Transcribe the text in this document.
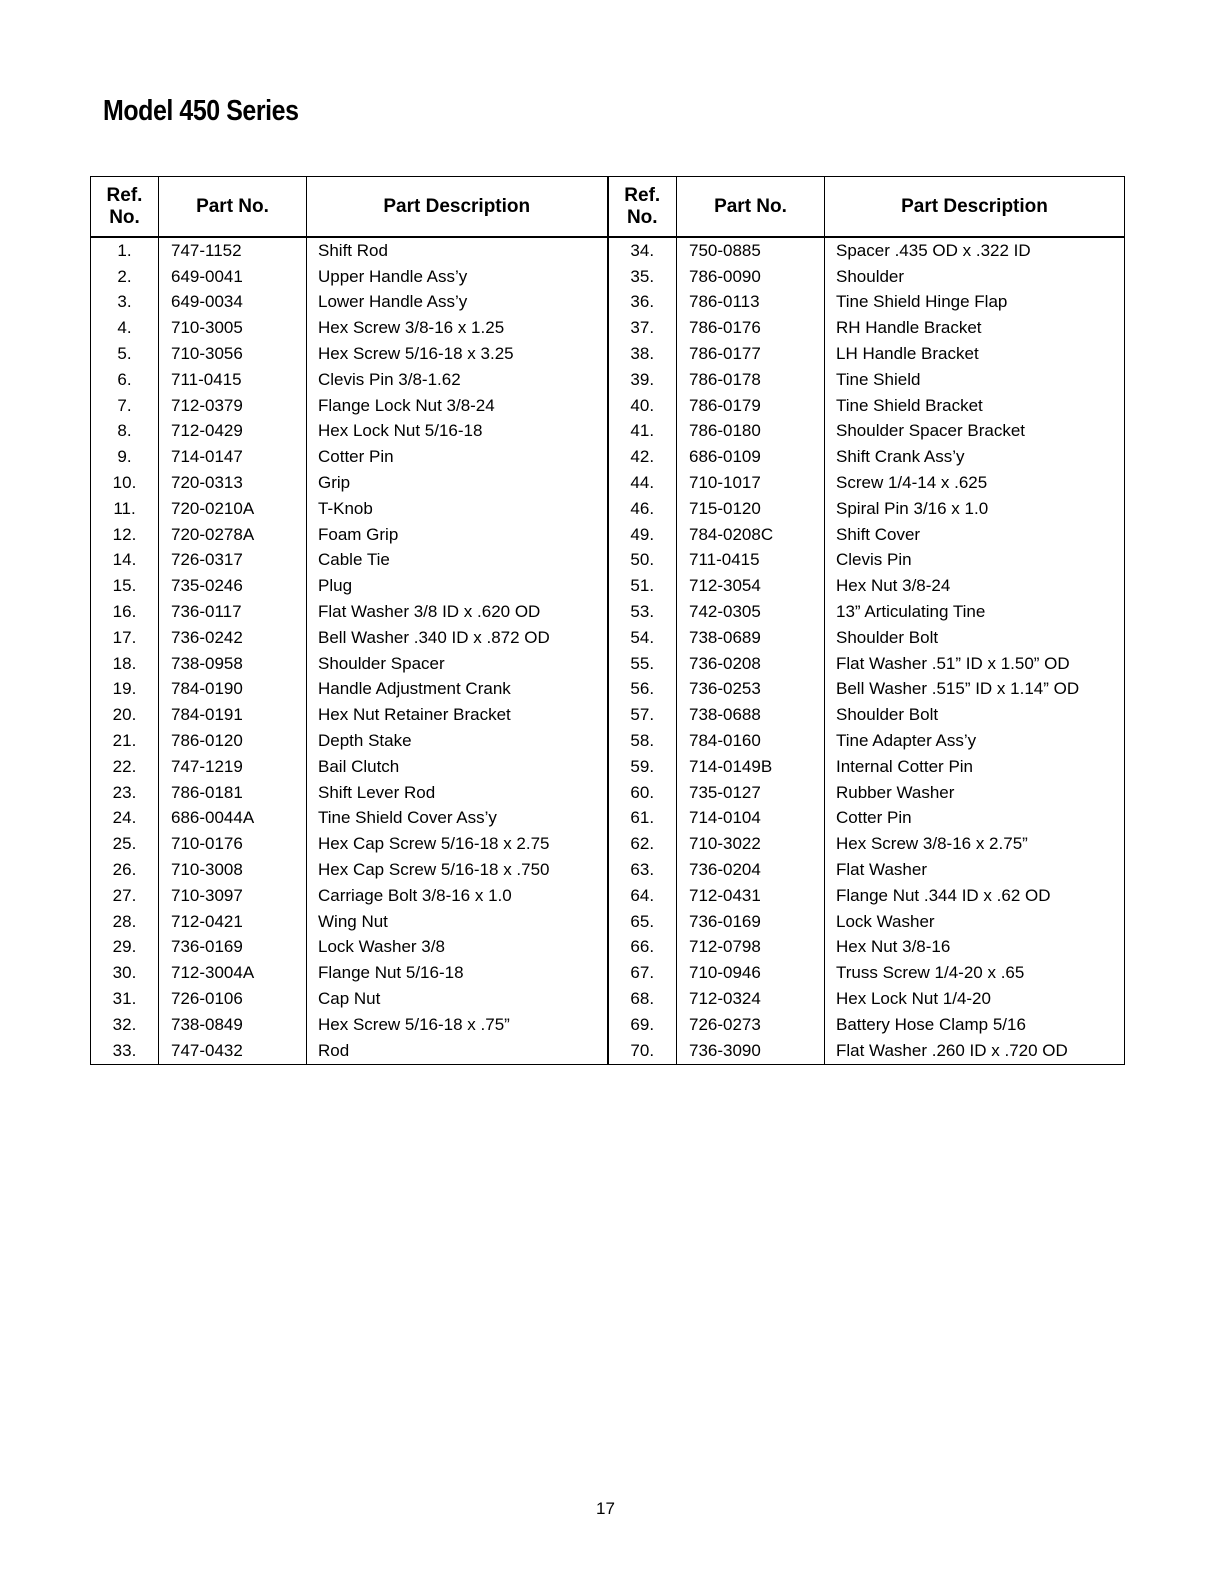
Model 450 Series
Ref.
No.	Part No.	Part Description	Ref.
No.	Part No.	Part Description
1.	747-1152	Shift Rod	34.	750-0885	Spacer .435 OD x .322 ID
2.	649-0041	Upper Handle Ass’y	35.	786-0090	Shoulder
3.	649-0034	Lower Handle Ass’y	36.	786-0113	Tine Shield Hinge Flap
4.	710-3005	Hex Screw 3/8-16 x 1.25	37.	786-0176	RH Handle Bracket
5.	710-3056	Hex Screw 5/16-18 x 3.25	38.	786-0177	LH Handle Bracket
6.	711-0415	Clevis Pin 3/8-1.62	39.	786-0178	Tine Shield
7.	712-0379	Flange Lock Nut 3/8-24	40.	786-0179	Tine Shield Bracket
8.	712-0429	Hex Lock Nut 5/16-18	41.	786-0180	Shoulder Spacer Bracket
9.	714-0147	Cotter Pin	42.	686-0109	Shift Crank Ass’y
10.	720-0313	Grip	44.	710-1017	Screw 1/4-14 x .625
11.	720-0210A	T-Knob	46.	715-0120	Spiral Pin 3/16 x 1.0
12.	720-0278A	Foam Grip	49.	784-0208C	Shift Cover
14.	726-0317	Cable Tie	50.	711-0415	Clevis Pin
15.	735-0246	Plug	51.	712-3054	Hex Nut 3/8-24
16.	736-0117	Flat Washer 3/8 ID x .620 OD	53.	742-0305	13” Articulating Tine
17.	736-0242	Bell Washer .340 ID x .872 OD	54.	738-0689	Shoulder Bolt
18.	738-0958	Shoulder Spacer	55.	736-0208	Flat Washer .51” ID x 1.50” OD
19.	784-0190	Handle Adjustment Crank	56.	736-0253	Bell Washer .515” ID x 1.14” OD
20.	784-0191	Hex Nut Retainer Bracket	57.	738-0688	Shoulder Bolt
21.	786-0120	Depth Stake	58.	784-0160	Tine Adapter Ass’y
22.	747-1219	Bail Clutch	59.	714-0149B	Internal Cotter Pin
23.	786-0181	Shift Lever Rod	60.	735-0127	Rubber Washer
24.	686-0044A	Tine Shield Cover Ass’y	61.	714-0104	Cotter Pin
25.	710-0176	Hex Cap Screw 5/16-18 x 2.75	62.	710-3022	Hex Screw 3/8-16 x 2.75”
26.	710-3008	Hex Cap Screw 5/16-18 x .750	63.	736-0204	Flat Washer
27.	710-3097	Carriage Bolt 3/8-16 x 1.0	64.	712-0431	Flange Nut .344 ID x .62 OD
28.	712-0421	Wing Nut	65.	736-0169	Lock Washer
29.	736-0169	Lock Washer 3/8	66.	712-0798	Hex Nut 3/8-16
30.	712-3004A	Flange Nut 5/16-18	67.	710-0946	Truss Screw 1/4-20 x .65
31.	726-0106	Cap Nut	68.	712-0324	Hex Lock Nut 1/4-20
32.	738-0849	Hex Screw 5/16-18 x .75”	69.	726-0273	Battery Hose Clamp 5/16
33.	747-0432	Rod	70.	736-3090	Flat Washer .260 ID x .720 OD
17
